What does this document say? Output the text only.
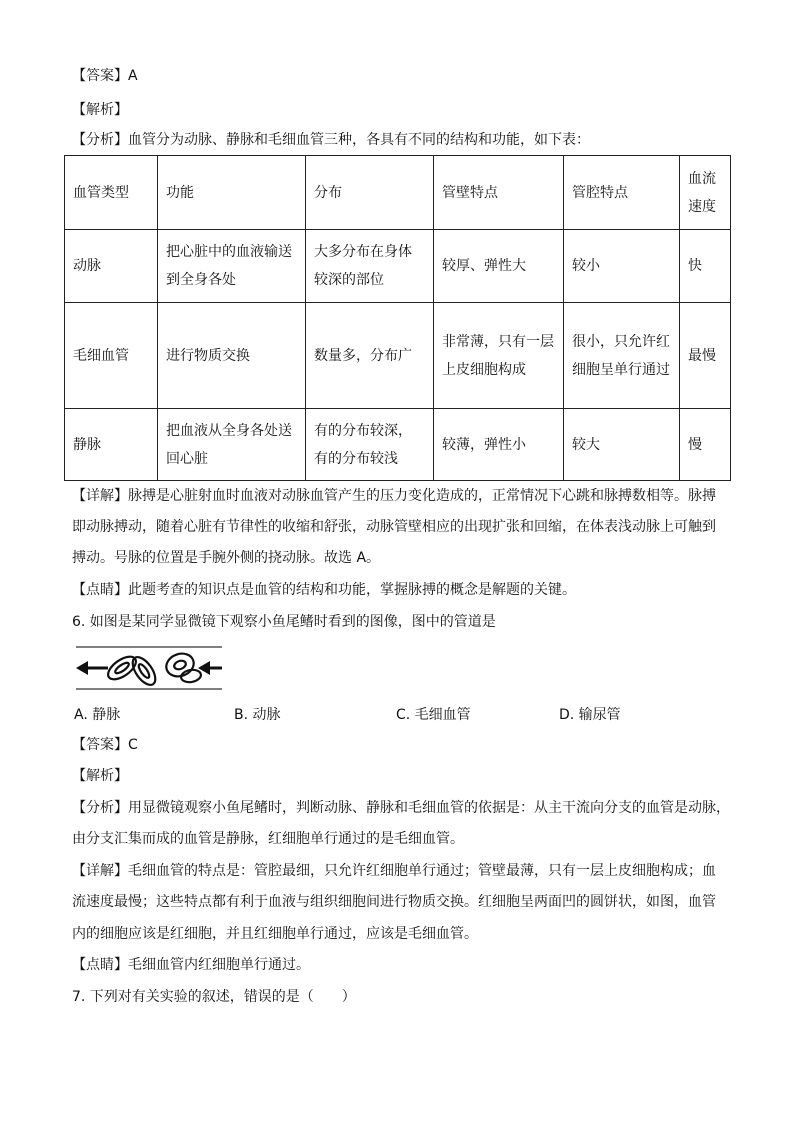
【答案】A
【解析】
【分析】血管分为动脉、静脉和毛细血管三种，各具有不同的结构和功能，如下表：
血管类型	功能	分布	管壁特点	管腔特点	血流速度
动脉	把心脏中的血液输送到全身各处	大多分布在身体较深的部位	较厚、弹性大	较小	快
毛细血管	进行物质交换	数量多，分布广	非常薄，只有一层上皮细胞构成	很小，只允许红细胞呈单行通过	最慢
静脉	把血液从全身各处送回心脏	有的分布较深，有的分布较浅	较薄，弹性小	较大	慢
【详解】脉搏是心脏射血时血液对动脉血管产生的压力变化造成的，正常情况下心跳和脉搏数相等。脉搏
即动脉搏动，随着心脏有节律性的收缩和舒张，动脉管壁相应的出现扩张和回缩，在体表浅动脉上可触到
搏动。号脉的位置是手腕外侧的挠动脉。故选 A。
【点睛】此题考查的知识点是血管的结构和功能，掌握脉搏的概念是解题的关键。
6. 如图是某同学显微镜下观察小鱼尾鳍时看到的图像，图中的管道是
A. 静脉	B. 动脉	C. 毛细血管	D. 输尿管
【答案】C
【解析】
【分析】用显微镜观察小鱼尾鳍时，判断动脉、静脉和毛细血管的依据是：从主干流向分支的血管是动脉，
由分支汇集而成的血管是静脉，红细胞单行通过的是毛细血管。
【详解】毛细血管的特点是：管腔最细，只允许红细胞单行通过；管壁最薄，只有一层上皮细胞构成；血
流速度最慢；这些特点都有利于血液与组织细胞间进行物质交换。红细胞呈两面凹的圆饼状，如图，血管
内的细胞应该是红细胞，并且红细胞单行通过，应该是毛细血管。
【点睛】毛细血管内红细胞单行通过。
7. 下列对有关实验的叙述，错误的是（　　）
